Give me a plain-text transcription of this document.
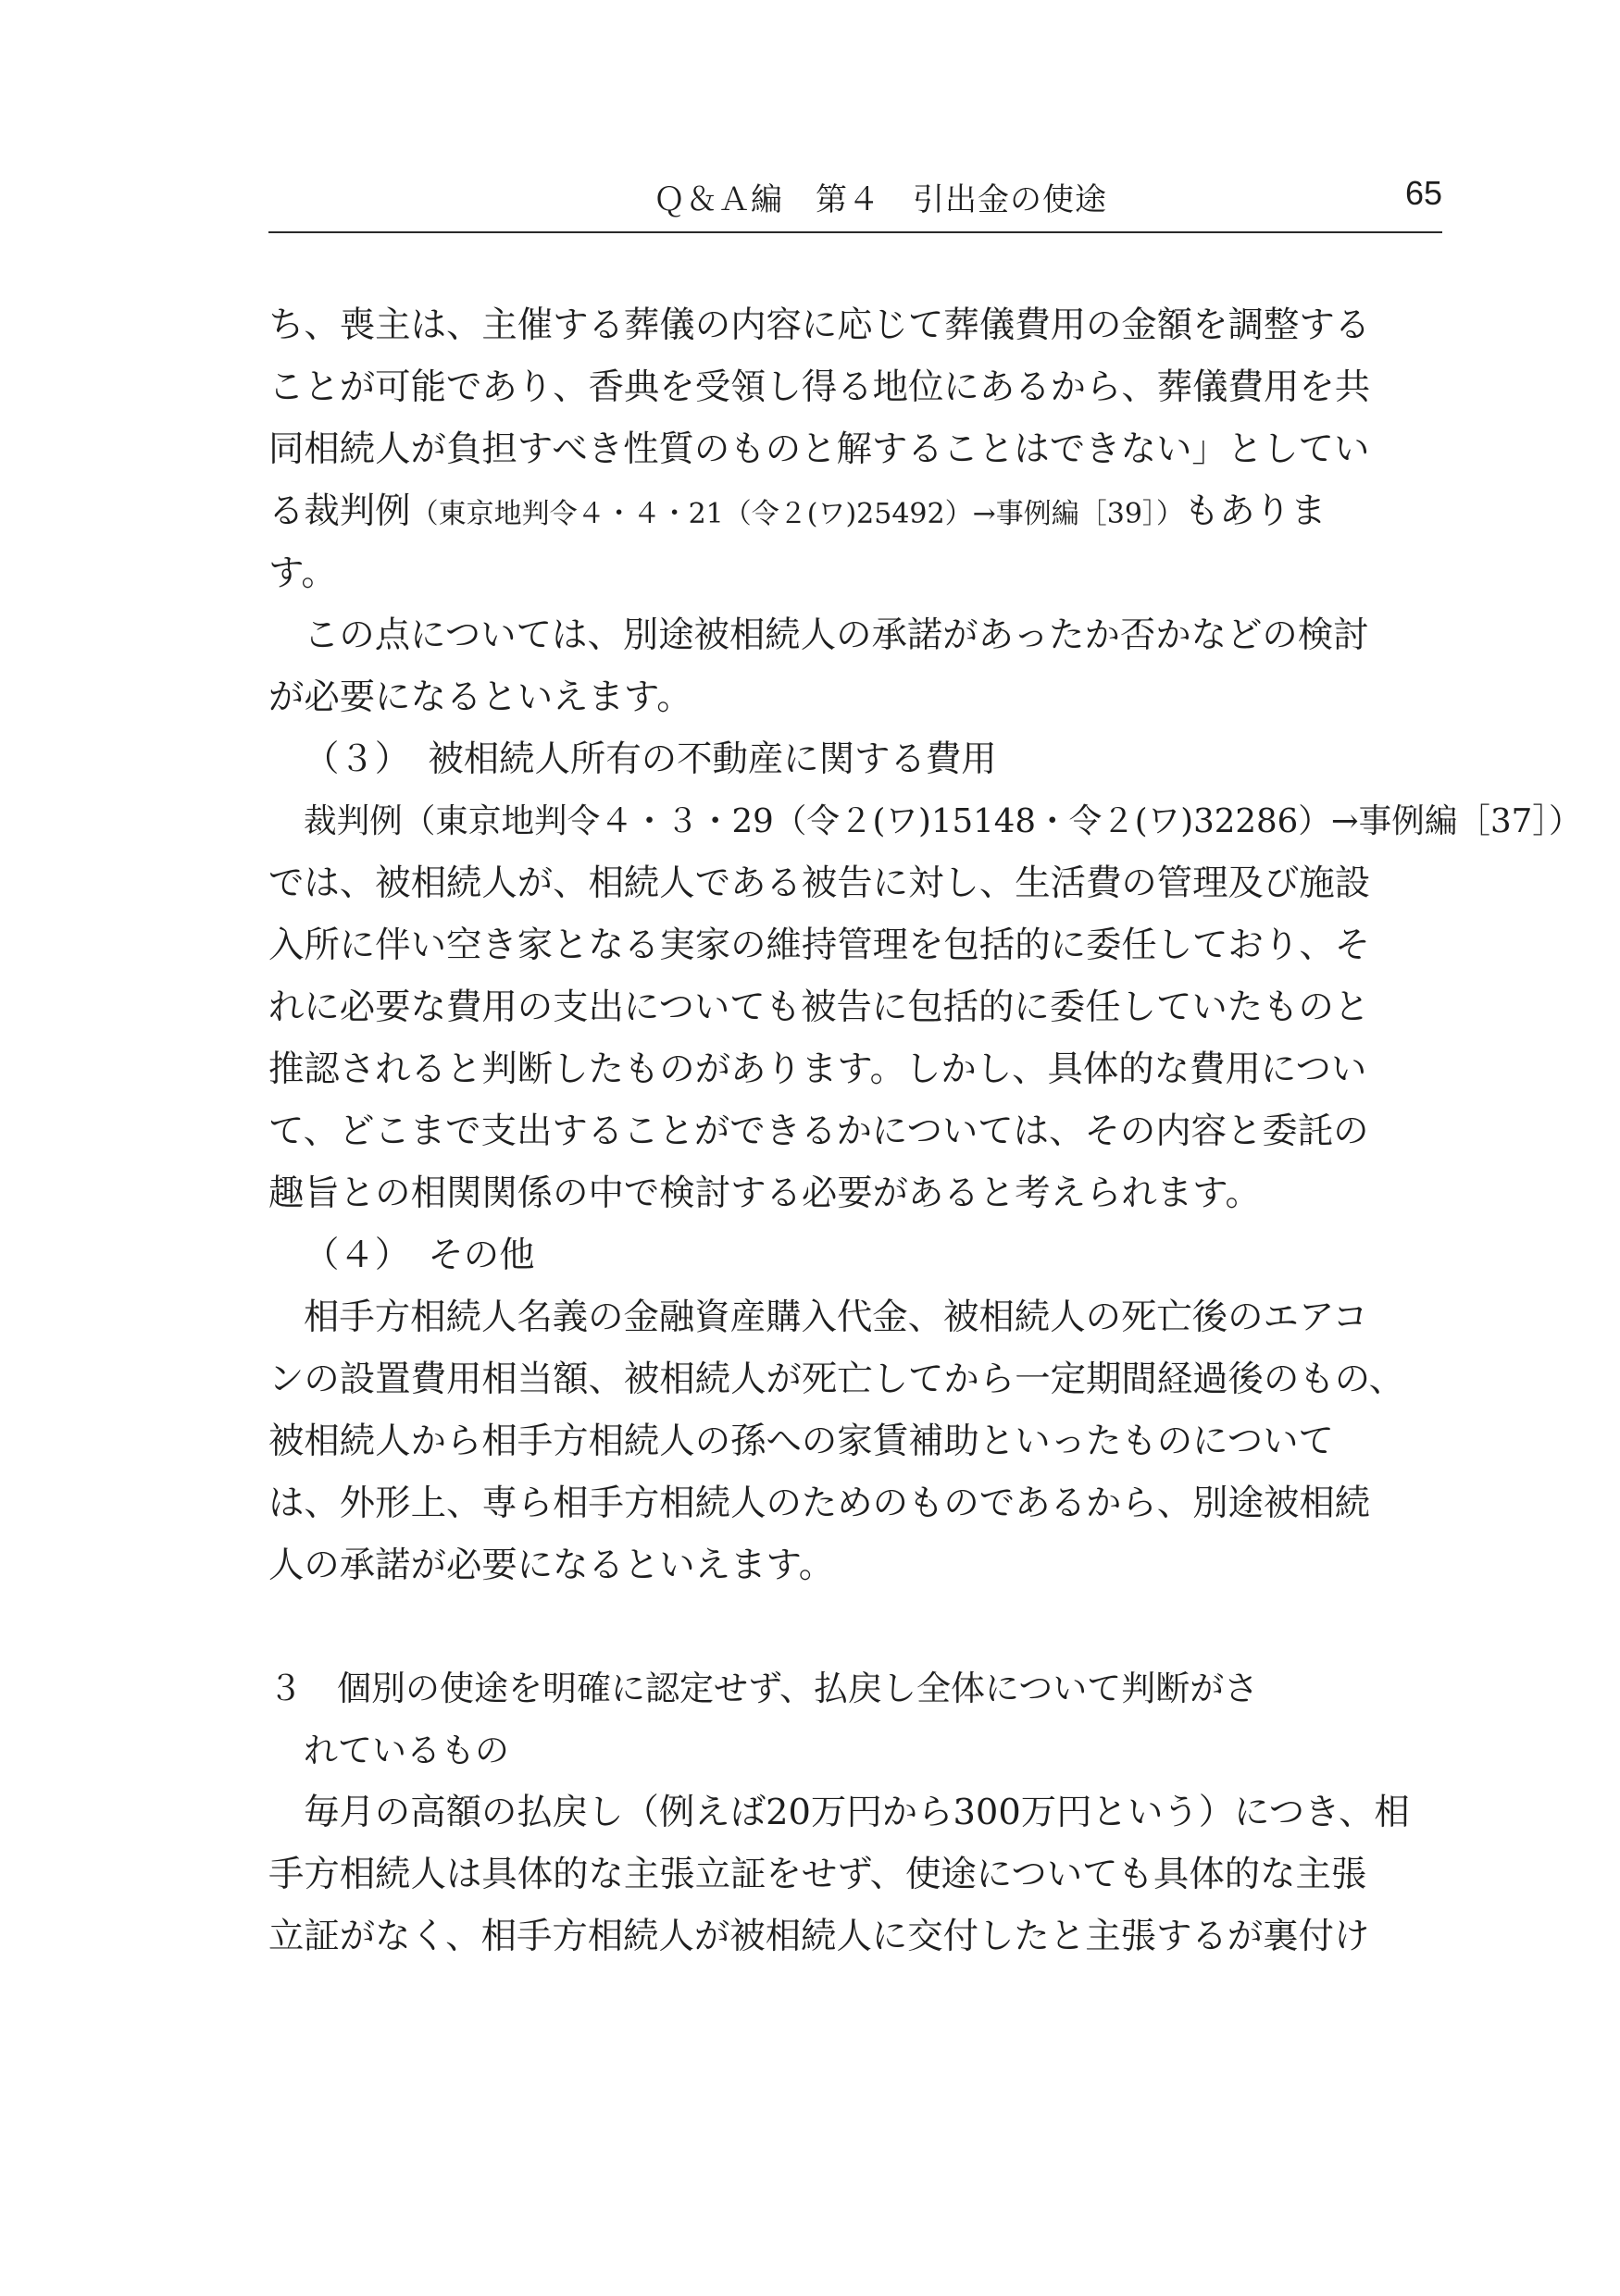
Ｑ＆Ａ編　第４　引出金の使途	65
ち、喪主は、主催する葬儀の内容に応じて葬儀費用の金額を調整する
ことが可能であり、香典を受領し得る地位にあるから、葬儀費用を共
同相続人が負担すべき性質のものと解することはできない」としてい
る裁判例（東京地判令４・４・21（令２(ワ)25492）→事例編［39］）もありま
す。
この点については、別途被相続人の承諾があったか否かなどの検討
が必要になるといえます。
（３）　被相続人所有の不動産に関する費用
裁判例（東京地判令４・３・29（令２(ワ)15148・令２(ワ)32286）→事例編［37］）
では、被相続人が、相続人である被告に対し、生活費の管理及び施設
入所に伴い空き家となる実家の維持管理を包括的に委任しており、そ
れに必要な費用の支出についても被告に包括的に委任していたものと
推認されると判断したものがあります。しかし、具体的な費用につい
て、どこまで支出することができるかについては、その内容と委託の
趣旨との相関関係の中で検討する必要があると考えられます。
（４）　その他
相手方相続人名義の金融資産購入代金、被相続人の死亡後のエアコ
ンの設置費用相当額、被相続人が死亡してから一定期間経過後のもの、
被相続人から相手方相続人の孫への家賃補助といったものについて
は、外形上、専ら相手方相続人のためのものであるから、別途被相続
人の承諾が必要になるといえます。
３　個別の使途を明確に認定せず、払戻し全体について判断がさ
れているもの
毎月の高額の払戻し（例えば20万円から300万円という）につき、相
手方相続人は具体的な主張立証をせず、使途についても具体的な主張
立証がなく、相手方相続人が被相続人に交付したと主張するが裏付け
